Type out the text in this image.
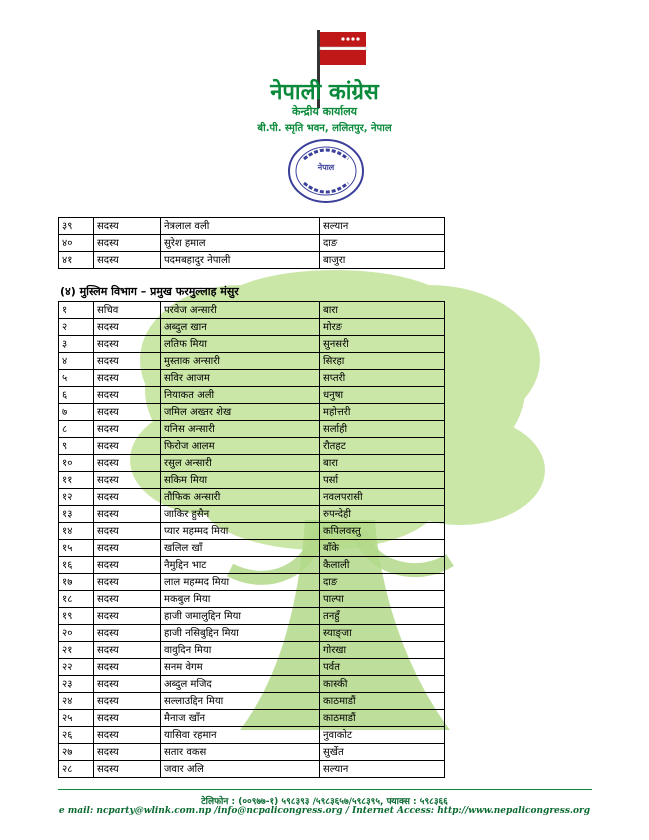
नेपाली कांग्रेस
केन्द्रीय कार्यालय
बी.पी. स्मृति भवन, ललितपुर, नेपाल
नेपाल
३९	सदस्य	नेत्रलाल वली	सल्यान
४०	सदस्य	सुरेश हमाल	दाङ
४१	सदस्य	पदमबहादुर नेपाली	बाजुरा
(४) मुस्लिम विभाग – प्रमुख फरमुल्लाह मंसुर
१	सचिव	परवेज अन्सारी	बारा
२	सदस्य	अब्दुल खान	मोरङ
३	सदस्य	लतिफ मिया	सुनसरी
४	सदस्य	मुस्ताक अन्सारी	सिरहा
५	सदस्य	सविर आजम	सप्तरी
६	सदस्य	नियाकत अली	धनुषा
७	सदस्य	जमिल अख्तर शेख	महोत्तरी
८	सदस्य	यनिस अन्सारी	सर्लाही
९	सदस्य	फिरोज आलम	रौतहट
१०	सदस्य	रसुल अन्सारी	बारा
११	सदस्य	सकिम मिया	पर्सा
१२	सदस्य	तौफिक अन्सारी	नवलपरासी
१३	सदस्य	जाकिर हुसैन	रुपन्देही
१४	सदस्य	प्यार महम्मद मिया	कपिलवस्तु
१५	सदस्य	खलिल खाँ	बाँके
१६	सदस्य	नैमुद्दिन भाट	कैलाली
१७	सदस्य	लाल महम्मद मिया	दाङ
१८	सदस्य	मकबुल मिया	पाल्पा
१९	सदस्य	हाजी जमालुद्दिन मिया	तनहुँ
२०	सदस्य	हाजी नसिबुद्दिन मिया	स्याङ्जा
२१	सदस्य	वावुदिन मिया	गोरखा
२२	सदस्य	सनम वेगम	पर्वत
२३	सदस्य	अब्दुल मजिद	कास्की
२४	सदस्य	सल्लाउद्दिन मिया	काठमाडौं
२५	सदस्य	मैनाज खाँन	काठमाडौं
२६	सदस्य	यासिवा रहमान	नुवाकोट
२७	सदस्य	सतार वकस	सुर्खेत
२८	सदस्य	जवार अलि	सल्यान
टेलिफोन : (००९७७-१) ५९८३९३ /५९८३६५७/५९८३९५, फ्याक्स : ५९८३६६
e mail: ncparty@wlink.com.np /info@ncpalicongress.org / Internet Access: http://www.nepalicongress.org
